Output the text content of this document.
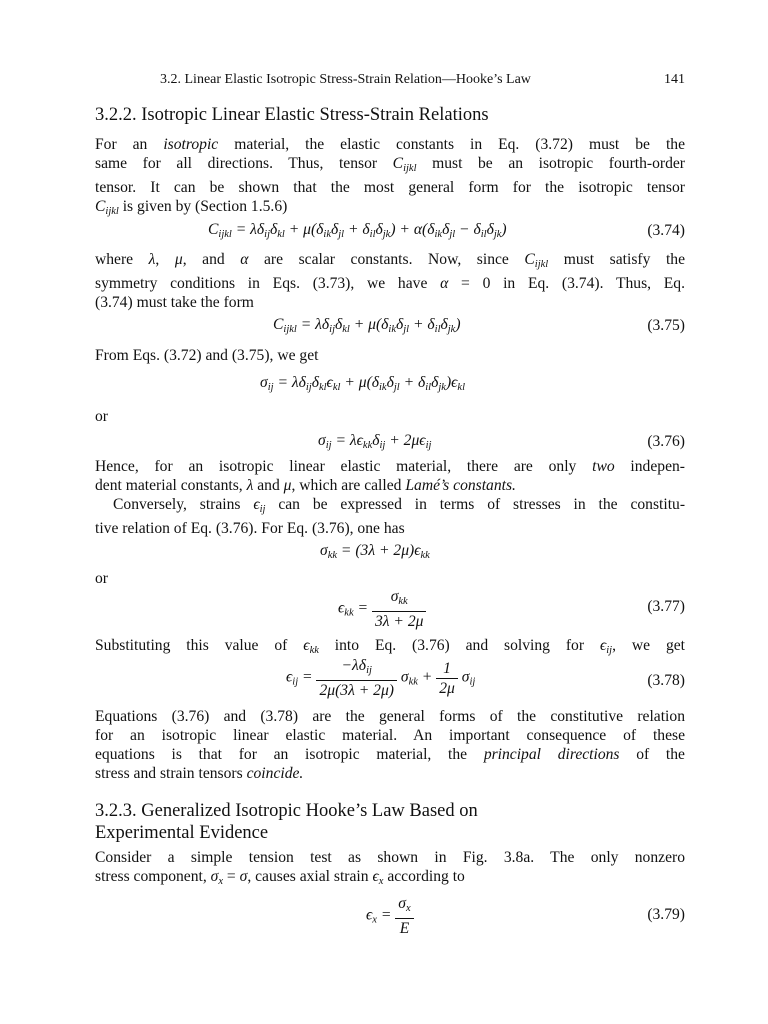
3.2. Linear Elastic Isotropic Stress-Strain Relation—Hooke’s Law	141
3.2.2. Isotropic Linear Elastic Stress-Strain Relations
For an isotropic material, the elastic constants in Eq. (3.72) must be the
same for all directions. Thus, tensor $C_{ijkl}$ must be an isotropic fourth-order
tensor. It can be shown that the most general form for the isotropic tensor
$C_{ijkl}$ is given by (Section 1.5.6)
$C_{ijkl} = \lambda\delta_{ij}\delta_{kl} + \mu(\delta_{ik}\delta_{jl} + \delta_{il}\delta_{jk}) + \alpha(\delta_{ik}\delta_{jl} - \delta_{il}\delta_{jk})$	(3.74)
where λ, μ, and α are scalar constants. Now, since $C_{ijkl}$ must satisfy the
symmetry conditions in Eqs. (3.73), we have α = 0 in Eq. (3.74). Thus, Eq.
(3.74) must take the form
$C_{ijkl} = \lambda\delta_{ij}\delta_{kl} + \mu(\delta_{ik}\delta_{jl} + \delta_{il}\delta_{jk})$	(3.75)
From Eqs. (3.72) and (3.75), we get
$\sigma_{ij} = \lambda\delta_{ij}\delta_{kl}\epsilon_{kl} + \mu(\delta_{ik}\delta_{jl} + \delta_{il}\delta_{jk})\epsilon_{kl}$
or
$\sigma_{ij} = \lambda\epsilon_{kk}\delta_{ij} + 2\mu\epsilon_{ij}$	(3.76)
Hence, for an isotropic linear elastic material, there are only two indepen-
dent material constants, λ and μ, which are called Lamé’s constants.
Conversely, strains $\epsilon_{ij}$ can be expressed in terms of stresses in the constitu-
tive relation of Eq. (3.76). For Eq. (3.76), one has
$\sigma_{kk} = (3\lambda + 2\mu)\epsilon_{kk}$
or
$\epsilon_{kk} = \frac{\sigma_{kk}}{3\lambda + 2\mu}$	(3.77)
Substituting this value of $\epsilon_{kk}$ into Eq. (3.76) and solving for $\epsilon_{ij}$, we get
$\epsilon_{ij} = \frac{-\lambda\delta_{ij}}{2\mu(3\lambda + 2\mu)} \sigma_{kk} + \frac{1}{2\mu} \sigma_{ij}$	(3.78)
Equations (3.76) and (3.78) are the general forms of the constitutive relation
for an isotropic linear elastic material. An important consequence of these
equations is that for an isotropic material, the principal directions of the
stress and strain tensors coincide.
3.2.3. Generalized Isotropic Hooke’s Law Based on
Experimental Evidence
Consider a simple tension test as shown in Fig. 3.8a. The only nonzero
stress component, $\sigma_x = \sigma$, causes axial strain $\epsilon_x$ according to
$\epsilon_x = \frac{\sigma_x}{E}$	(3.79)
